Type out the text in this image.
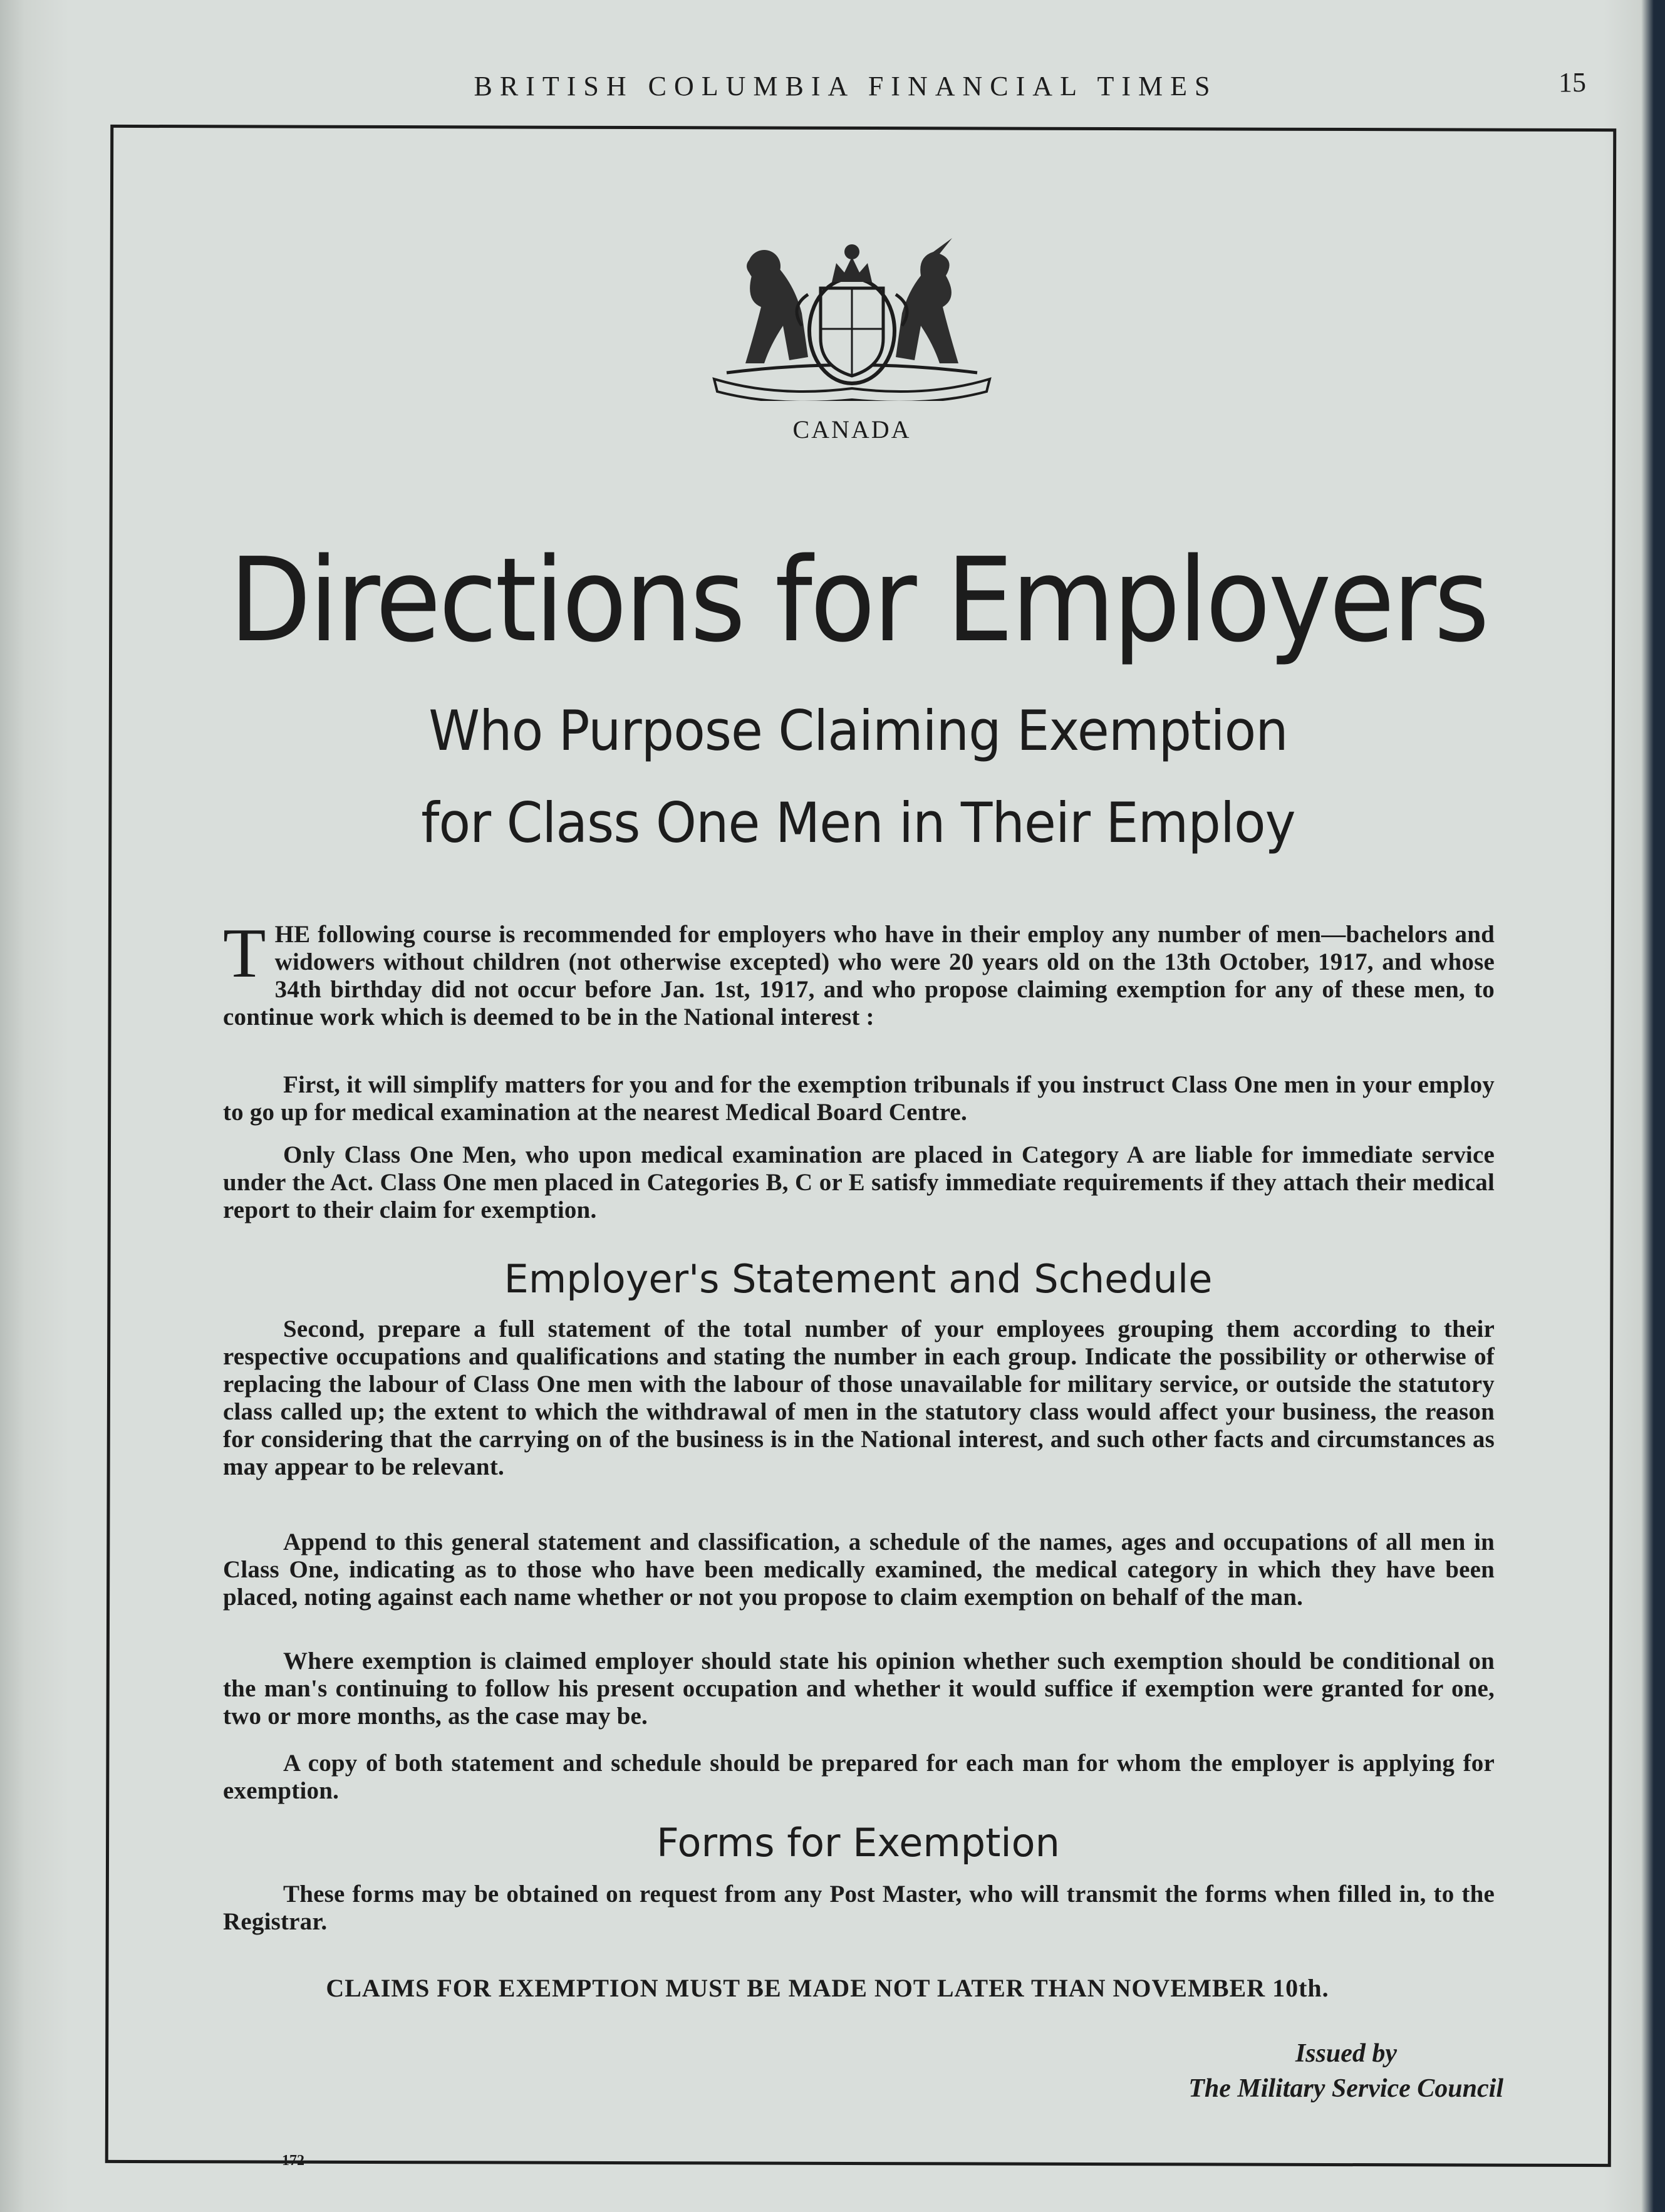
BRITISH COLUMBIA FINANCIAL TIMES	15
CANADA
Directions for Employers
Who Purpose Claiming Exemption
for Class One Men in Their Employ

THE following course is recommended for employers who have in their employ any number of men—bachelors and widowers without children (not otherwise excepted) who were 20 years old on the 13th October, 1917, and whose 34th birthday did not occur before Jan. 1st, 1917, and who propose claiming exemption for any of these men, to continue work which is deemed to be in the National interest :

First, it will simplify matters for you and for the exemption tribunals if you instruct Class One men in your employ to go up for medical examination at the nearest Medical Board Centre.

Only Class One Men, who upon medical examination are placed in Category A are liable for immediate service under the Act. Class One men placed in Categories B, C or E satisfy immediate requirements if they attach their medical report to their claim for exemption.

Employer's Statement and Schedule

Second, prepare a full statement of the total number of your employees grouping them according to their respective occupations and qualifications and stating the number in each group. Indicate the possibility or otherwise of replacing the labour of Class One men with the labour of those unavailable for military service, or outside the statutory class called up; the extent to which the withdrawal of men in the statutory class would affect your business, the reason for considering that the carrying on of the business is in the National interest, and such other facts and circumstances as may appear to be relevant.

Append to this general statement and classification, a schedule of the names, ages and occupations of all men in Class One, indicating as to those who have been medically examined, the medical category in which they have been placed, noting against each name whether or not you propose to claim exemption on behalf of the man.

Where exemption is claimed employer should state his opinion whether such exemption should be conditional on the man's continuing to follow his present occupation and whether it would suffice if exemption were granted for one, two or more months, as the case may be.

A copy of both statement and schedule should be prepared for each man for whom the employer is applying for exemption.

Forms for Exemption

These forms may be obtained on request from any Post Master, who will transmit the forms when filled in, to the Registrar.

CLAIMS FOR EXEMPTION MUST BE MADE NOT LATER THAN NOVEMBER 10th.
Issued by
The Military Service Council
172
